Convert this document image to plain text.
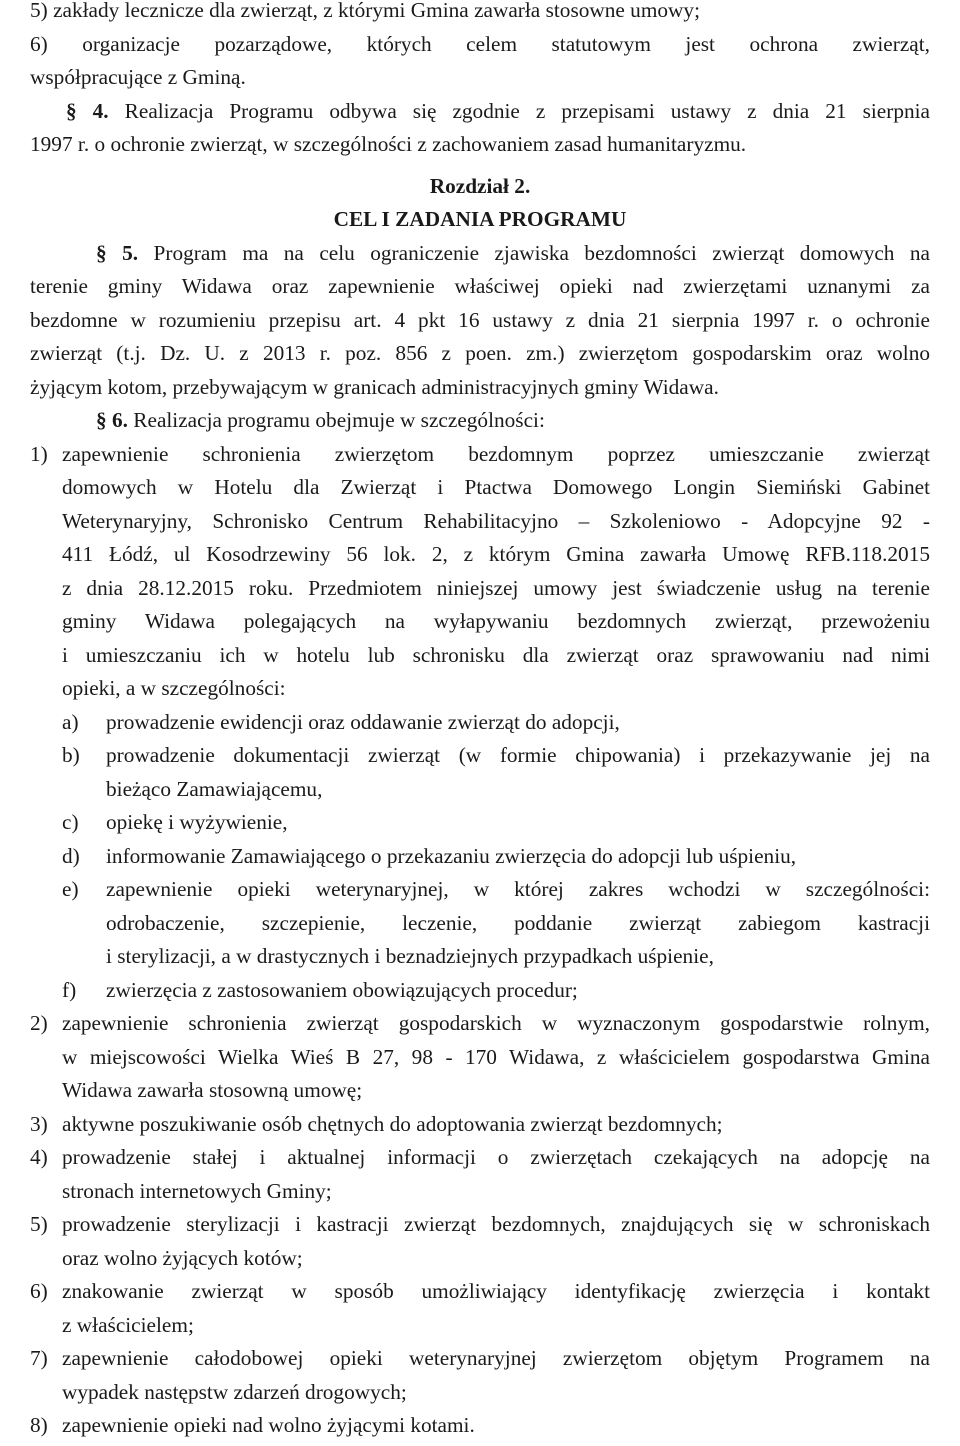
5) zakłady lecznicze dla zwierząt, z którymi Gmina zawarła stosowne umowy;
6) organizacje pozarządowe, których celem statutowym jest ochrona zwierząt,
współpracujące z Gminą.
§ 4. Realizacja Programu odbywa się zgodnie z przepisami ustawy z dnia 21 sierpnia
1997 r. o ochronie zwierząt, w szczególności z zachowaniem zasad humanitaryzmu.
Rozdział 2.
CEL I ZADANIA PROGRAMU
§ 5. Program ma na celu ograniczenie zjawiska bezdomności zwierząt domowych na
terenie gminy Widawa oraz zapewnienie właściwej opieki nad zwierzętami uznanymi za
bezdomne w rozumieniu przepisu art. 4 pkt 16 ustawy z dnia 21 sierpnia 1997 r. o ochronie
zwierząt (t.j. Dz. U. z 2013 r. poz. 856 z poen. zm.) zwierzętom gospodarskim oraz wolno
żyjącym kotom, przebywającym w granicach administracyjnych gminy Widawa.
§ 6. Realizacja programu obejmuje w szczególności:
1) zapewnienie schronienia zwierzętom bezdomnym poprzez umieszczanie zwierząt
domowych w Hotelu dla Zwierząt i Ptactwa Domowego Longin Siemiński Gabinet
Weterynaryjny, Schronisko Centrum Rehabilitacyjno – Szkoleniowo - Adopcyjne 92 -
411 Łódź, ul Kosodrzewiny 56 lok. 2, z którym Gmina zawarła Umowę RFB.118.2015
z dnia 28.12.2015 roku. Przedmiotem niniejszej umowy jest świadczenie usług na terenie
gminy Widawa polegających na wyłapywaniu bezdomnych zwierząt, przewożeniu
i umieszczaniu ich w hotelu lub schronisku dla zwierząt oraz sprawowaniu nad nimi
opieki, a w szczególności:
a)	prowadzenie ewidencji oraz oddawanie zwierząt do adopcji,
b)	prowadzenie dokumentacji zwierząt (w formie chipowania) i przekazywanie jej na
bieżąco Zamawiającemu,
c)	opiekę i wyżywienie,
d)	informowanie Zamawiającego o przekazaniu zwierzęcia do adopcji lub uśpieniu,
e)	zapewnienie opieki weterynaryjnej, w której zakres wchodzi w szczególności:
odrobaczenie, szczepienie, leczenie, poddanie zwierząt zabiegom kastracji
i sterylizacji, a w drastycznych i beznadziejnych przypadkach uśpienie,
f)	zwierzęcia z zastosowaniem obowiązujących procedur;
2) zapewnienie schronienia zwierząt gospodarskich w wyznaczonym gospodarstwie rolnym,
w miejscowości Wielka Wieś B 27, 98 - 170 Widawa, z właścicielem gospodarstwa Gmina
Widawa zawarła stosowną umowę;
3) aktywne poszukiwanie osób chętnych do adoptowania zwierząt bezdomnych;
4) prowadzenie stałej i aktualnej informacji o zwierzętach czekających na adopcję na
stronach internetowych Gminy;
5) prowadzenie sterylizacji i kastracji zwierząt bezdomnych, znajdujących się w schroniskach
oraz wolno żyjących kotów;
6) znakowanie zwierząt w sposób umożliwiający identyfikację zwierzęcia i kontakt
z właścicielem;
7) zapewnienie całodobowej opieki weterynaryjnej zwierzętom objętym Programem na
wypadek następstw zdarzeń drogowych;
8) zapewnienie opieki nad wolno żyjącymi kotami.
